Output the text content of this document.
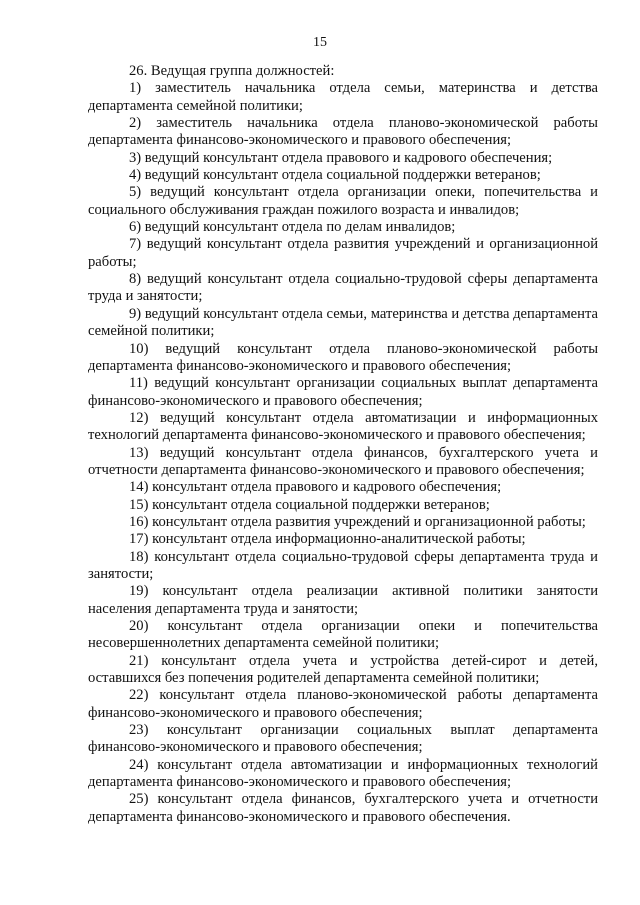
15

26. Ведущая группа должностей:

1) заместитель начальника отдела семьи, материнства и детства департамента семейной политики;

2) заместитель начальника отдела планово-экономической работы департамента финансово-экономического и правового обеспечения;

3) ведущий консультант отдела правового и кадрового обеспечения;

4) ведущий консультант отдела социальной поддержки ветеранов;

5) ведущий консультант отдела организации опеки, попечительства и социального обслуживания граждан пожилого возраста и инвалидов;

6) ведущий консультант отдела по делам инвалидов;

7) ведущий консультант отдела развития учреждений и организационной работы;

8) ведущий консультант отдела социально-трудовой сферы департамента труда и занятости;

9) ведущий консультант отдела семьи, материнства и детства департамента семейной политики;

10) ведущий консультант отдела планово-экономической работы департамента финансово-экономического и правового обеспечения;

11) ведущий консультант организации социальных выплат департамента финансово-экономического и правового обеспечения;

12) ведущий консультант отдела автоматизации и информационных технологий департамента финансово-экономического и правового обеспечения;

13) ведущий консультант отдела финансов, бухгалтерского учета и отчетности департамента финансово-экономического и правового обеспечения;

14) консультант отдела правового и кадрового обеспечения;

15) консультант отдела социальной поддержки ветеранов;

16) консультант отдела развития учреждений и организационной работы;

17) консультант отдела информационно-аналитической работы;

18) консультант отдела социально-трудовой сферы департамента труда и занятости;

19) консультант отдела реализации активной политики занятости населения департамента труда и занятости;

20) консультант отдела организации опеки и попечительства несовершеннолетних департамента семейной политики;

21) консультант отдела учета и устройства детей-сирот и детей, оставшихся без попечения родителей департамента семейной политики;

22) консультант отдела планово-экономической работы департамента финансово-экономического и правового обеспечения;

23) консультант организации социальных выплат департамента финансово-экономического и правового обеспечения;

24) консультант отдела автоматизации и информационных технологий департамента финансово-экономического и правового обеспечения;

25) консультант отдела финансов, бухгалтерского учета и отчетности департамента финансово-экономического и правового обеспечения.
